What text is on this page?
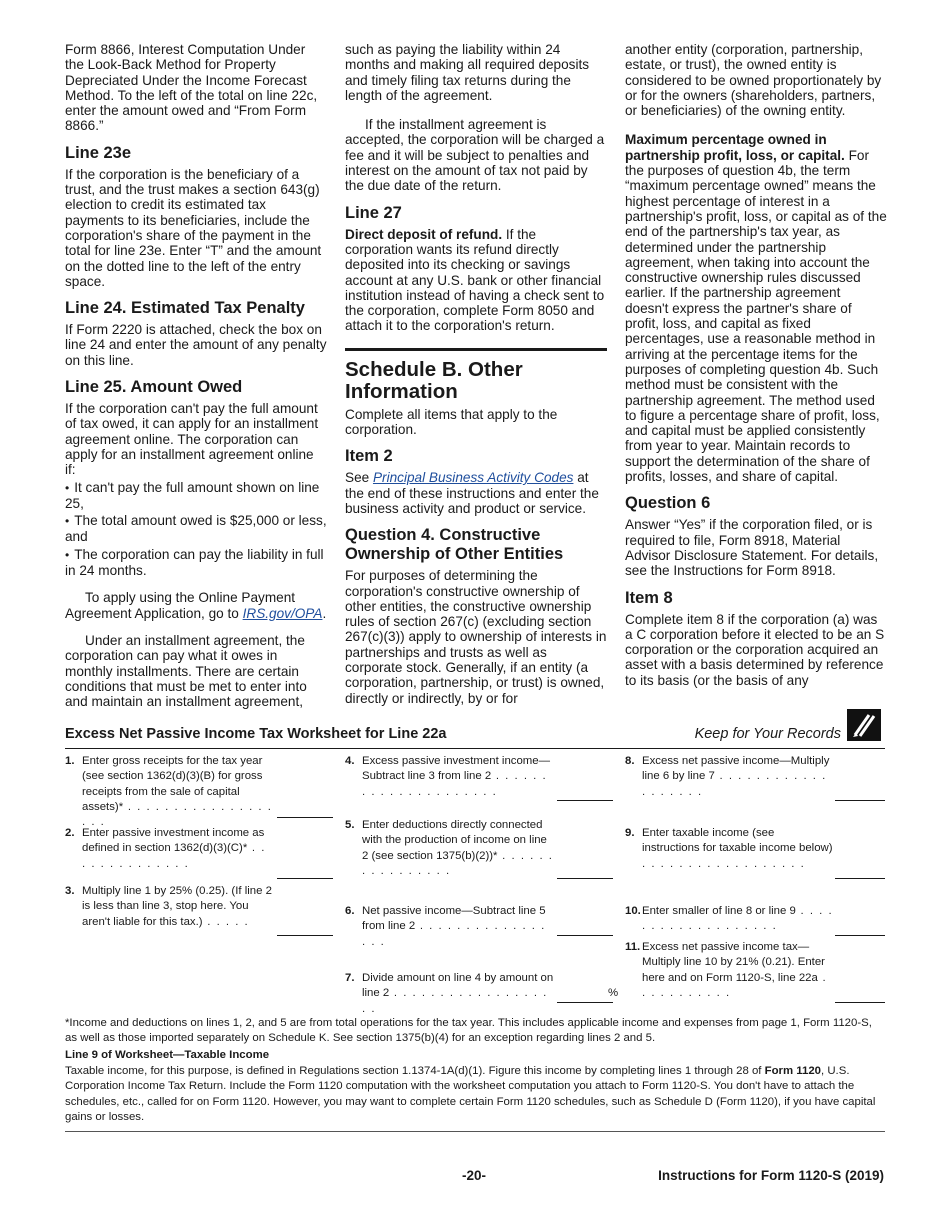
Form 8866, Interest Computation Under the Look-Back Method for Property Depreciated Under the Income Forecast Method. To the left of the total on line 22c, enter the amount owed and “From Form 8866.”

Line 23e

If the corporation is the beneficiary of a trust, and the trust makes a section 643(g) election to credit its estimated tax payments to its beneficiaries, include the corporation's share of the payment in the total for line 23e. Enter “T” and the amount on the dotted line to the left of the entry space.

Line 24. Estimated Tax Penalty

If Form 2220 is attached, check the box on line 24 and enter the amount of any penalty on this line.

Line 25. Amount Owed

If the corporation can't pay the full amount of tax owed, it can apply for an installment agreement online. The corporation can apply for an installment agreement online if:

• It can't pay the full amount shown on line 25,

• The total amount owed is $25,000 or less, and

• The corporation can pay the liability in full in 24 months.

To apply using the Online Payment Agreement Application, go to IRS.gov/OPA.

Under an installment agreement, the corporation can pay what it owes in monthly installments. There are certain conditions that must be met to enter into and maintain an installment agreement,

such as paying the liability within 24 months and making all required deposits and timely filing tax returns during the length of the agreement.

If the installment agreement is accepted, the corporation will be charged a fee and it will be subject to penalties and interest on the amount of tax not paid by the due date of the return.

Line 27

Direct deposit of refund. If the corporation wants its refund directly deposited into its checking or savings account at any U.S. bank or other financial institution instead of having a check sent to the corporation, complete Form 8050 and attach it to the corporation's return.

Schedule B. Other Information

Complete all items that apply to the corporation.

Item 2

See Principal Business Activity Codes at the end of these instructions and enter the business activity and product or service.

Question 4. Constructive Ownership of Other Entities

For purposes of determining the corporation's constructive ownership of other entities, the constructive ownership rules of section 267(c) (excluding section 267(c)(3)) apply to ownership of interests in partnerships and trusts as well as corporate stock. Generally, if an entity (a corporation, partnership, or trust) is owned, directly or indirectly, by or for

another entity (corporation, partnership, estate, or trust), the owned entity is considered to be owned proportionately by or for the owners (shareholders, partners, or beneficiaries) of the owning entity.

Maximum percentage owned in partnership profit, loss, or capital. For the purposes of question 4b, the term “maximum percentage owned” means the highest percentage of interest in a partnership's profit, loss, or capital as of the end of the partnership's tax year, as determined under the partnership agreement, when taking into account the constructive ownership rules discussed earlier. If the partnership agreement doesn't express the partner's share of profit, loss, and capital as fixed percentages, use a reasonable method in arriving at the percentage items for the purposes of completing question 4b. Such method must be consistent with the partnership agreement. The method used to figure a percentage share of profit, loss, and capital must be applied consistently from year to year. Maintain records to support the determination of the share of profits, losses, and share of capital.

Question 6

Answer “Yes” if the corporation filed, or is required to file, Form 8918, Material Advisor Disclosure Statement. For details, see the Instructions for Form 8918.

Item 8

Complete item 8 if the corporation (a) was a C corporation before it elected to be an S corporation or the corporation acquired an asset with a basis determined by reference to its basis (or the basis of any

Excess Net Passive Income Tax Worksheet for Line 22a	Keep for Your Records
1. Enter gross receipts for the tax year (see section 1362(d)(3)(B) for gross receipts from the sale of capital assets)* . . . . . . . . . . . . . . . . . . .
2. Enter passive investment income as defined in section 1362(d)(3)(C)* . . . . . . . . . . . . . .
3. Multiply line 1 by 25% (0.25). (If line 2 is less than line 3, stop here. You aren't liable for this tax.) . . . . .
4. Excess passive investment income—Subtract line 3 from line 2 . . . . . . . . . . . . . . . . . . . . .
5. Enter deductions directly connected with the production of income on line 2 (see section 1375(b)(2))* . . . . . . . . . . . . . . . .
6. Net passive income—Subtract line 5 from line 2 . . . . . . . . . . . . . . . . .
7. Divide amount on line 4 by amount on line 2 . . . . . . . . . . . . . . . . . . .
%
8. Excess net passive income—Multiply line 6 by line 7 . . . . . . . . . . . . . . . . . . .
9. Enter taxable income (see instructions for taxable income below) . . . . . . . . . . . . . . . . . .
10.Enter smaller of line 8 or line 9 . . . . . . . . . . . . . . . . . . .
11. Excess net passive income tax—Multiply line 10 by 21% (0.21). Enter here and on Form 1120-S, line 22a . . . . . . . . . . .
*Income and deductions on lines 1, 2, and 5 are from total operations for the tax year. This includes applicable income and expenses from page 1, Form 1120-S, as well as those imported separately on Schedule K. See section 1375(b)(4) for an exception regarding lines 2 and 5.
Line 9 of Worksheet—Taxable Income
Taxable income, for this purpose, is defined in Regulations section 1.1374-1A(d)(1). Figure this income by completing lines 1 through 28 of Form 1120, U.S. Corporation Income Tax Return. Include the Form 1120 computation with the worksheet computation you attach to Form 1120-S. You don't have to attach the schedules, etc., called for on Form 1120. However, you may want to complete certain Form 1120 schedules, such as Schedule D (Form 1120), if you have capital gains or losses.
-20-	Instructions for Form 1120-S (2019)
